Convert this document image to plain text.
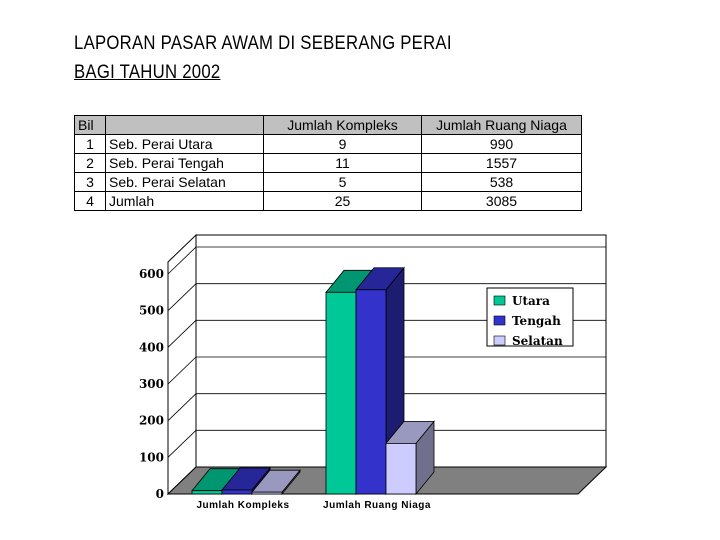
LAPORAN PASAR AWAM DI SEBERANG PERAI
BAGI TAHUN 2002
Bil		Jumlah Kompleks	Jumlah Ruang Niaga
1	Seb. Perai Utara	9	990
2	Seb. Perai Tengah	11	1557
3	Seb. Perai Selatan	5	538
4	Jumlah	25	3085
0
100
200
300
400
500
600
Jumlah Kompleks	Jumlah Ruang Niaga
Utara
Tengah
Selatan
